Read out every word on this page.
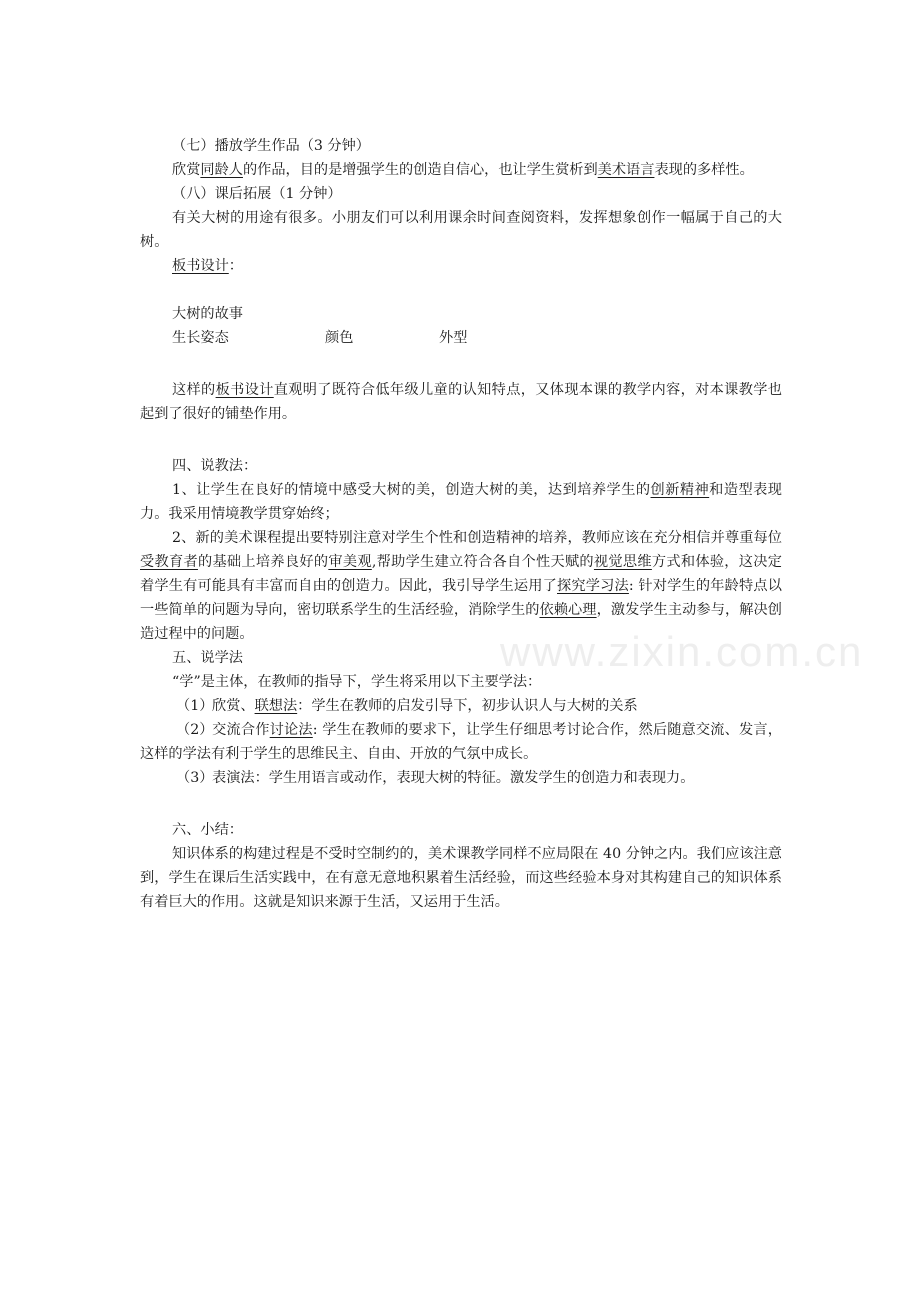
www.zixin.com.cn

（七）播放学生作品（3 分钟）

欣赏同龄人的作品，目的是增强学生的创造自信心，也让学生赏析到美术语言表现的多样性。

（八）课后拓展（1 分钟）

有关大树的用途有很多。小朋友们可以利用课余时间查阅资料，发挥想象创作一幅属于自己的大树。

板书设计：

大树的故事

生长姿态	颜色	外型

这样的板书设计直观明了既符合低年级儿童的认知特点，又体现本课的教学内容，对本课教学也起到了很好的铺垫作用。

四、说教法：

1、让学生在良好的情境中感受大树的美，创造大树的美，达到培养学生的创新精神和造型表现力。我采用情境教学贯穿始终；

2、新的美术课程提出要特别注意对学生个性和创造精神的培养，教师应该在充分相信并尊重每位受教育者的基础上培养良好的审美观,帮助学生建立符合各自个性天赋的视觉思维方式和体验，这决定着学生有可能具有丰富而自由的创造力。因此，我引导学生运用了探究学习法: 针对学生的年龄特点以一些简单的问题为导向，密切联系学生的生活经验，消除学生的依赖心理，激发学生主动参与，解决创造过程中的问题。

五、说学法

“学”是主体，在教师的指导下，学生将采用以下主要学法：

（1）欣赏、联想法：学生在教师的启发引导下，初步认识人与大树的关系

（2）交流合作讨论法: 学生在教师的要求下，让学生仔细思考讨论合作，然后随意交流、发言，这样的学法有利于学生的思维民主、自由、开放的气氛中成长。

（3）表演法：学生用语言或动作，表现大树的特征。激发学生的创造力和表现力。

六、小结：

知识体系的构建过程是不受时空制约的，美术课教学同样不应局限在 40 分钟之内。我们应该注意到，学生在课后生活实践中，在有意无意地积累着生活经验，而这些经验本身对其构建自己的知识体系有着巨大的作用。这就是知识来源于生活，又运用于生活。
